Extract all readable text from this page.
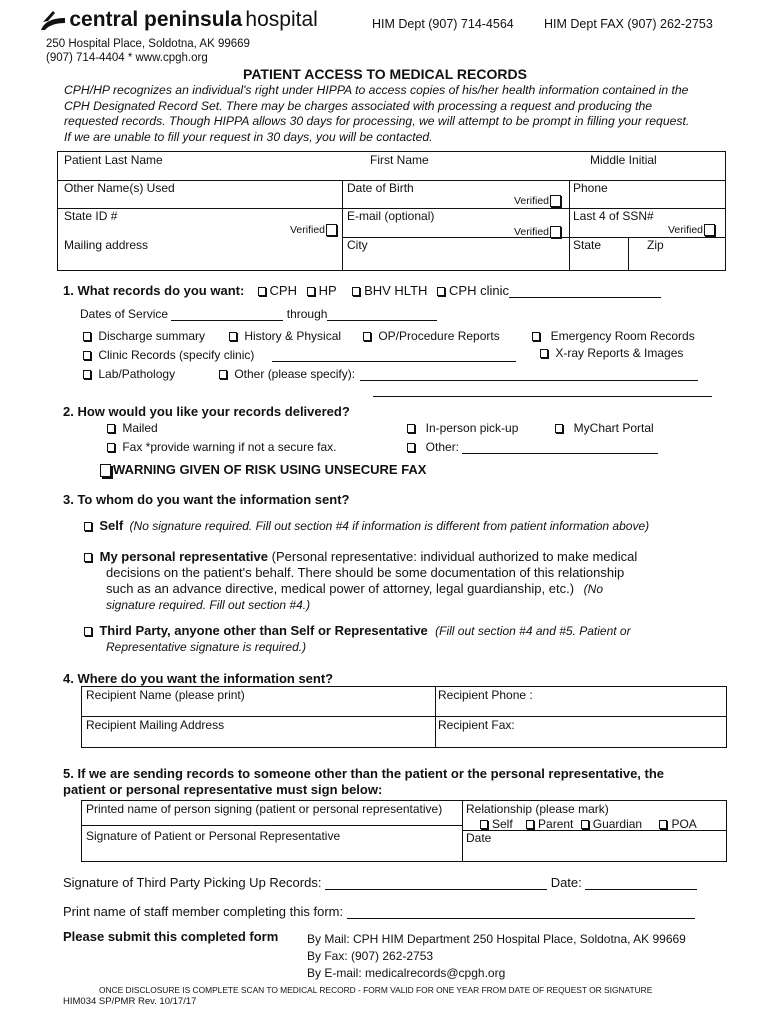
central peninsula hospital	HIM Dept (907) 714-4564 HIM Dept FAX (907) 262-2753
250 Hospital Place, Soldotna, AK 99669
(907) 714-4404 * www.cpgh.org
PATIENT ACCESS TO MEDICAL RECORDS
CPH/HP recognizes an individual's right under HIPPA to access copies of his/her health information contained in the
CPH Designated Record Set. There may be charges associated with processing a request and producing the
requested records. Though HIPPA allows 30 days for processing, we will attempt to be prompt in filling your request.
If we are unable to fill your request in 30 days, you will be contacted.
Patient Last Name	First Name	Middle Initial
Other Name(s) Used	Date of Birth	Phone
Verified
State ID #	E-mail (optional)	Last 4 of SSN#
Verified	Verified	Verified
Mailing address	City	State	Zip
1. What records do you want: CPH HP BHV HLTH CPH clinic
Dates of Service	through
Discharge summary	History & Physical	OP/Procedure Reports	Emergency Room Records
Clinic Records (specify clinic)	X-ray Reports & Images
Lab/Pathology	Other (please specify):
2. How would you like your records delivered?
Mailed
Fax *provide warning if not a secure fax.
In-person pick-up	MyChart Portal
Other:
WARNING GIVEN OF RISK USING UNSECURE FAX
3. To whom do you want the information sent?
Self (No signature required. Fill out section #4 if information is different from patient information above)
My personal representative (Personal representative: individual authorized to make medical
decisions on the patient's behalf. There should be some documentation of this relationship
such as an advance directive, medical power of attorney, legal guardianship, etc.) (No
signature required. Fill out section #4.)
Third Party, anyone other than Self or Representative (Fill out section #4 and #5. Patient or
Representative signature is required.)
4. Where do you want the information sent?
Recipient Name (please print)	Recipient Phone :
Recipient Mailing Address	Recipient Fax:
5. If we are sending records to someone other than the patient or the personal representative, the
patient or personal representative must sign below:
Printed name of person signing (patient or personal representative) Relationship (please mark)
Self Parent Guardian POA
Signature of Patient or Personal Representative	Date
Signature of Third Party Picking Up Records:	Date:
Print name of staff member completing this form:
Please submit this completed form By Mail: CPH HIM Department 250 Hospital Place, Soldotna, AK 99669
By Fax: (907) 262-2753
By E-mail: medicalrecords@cpgh.org
ONCE DISCLOSURE IS COMPLETE SCAN TO MEDICAL RECORD - FORM VALID FOR ONE YEAR FROM DATE OF REQUEST OR SIGNATURE
HIM034 SP/PMR Rev. 10/17/17
